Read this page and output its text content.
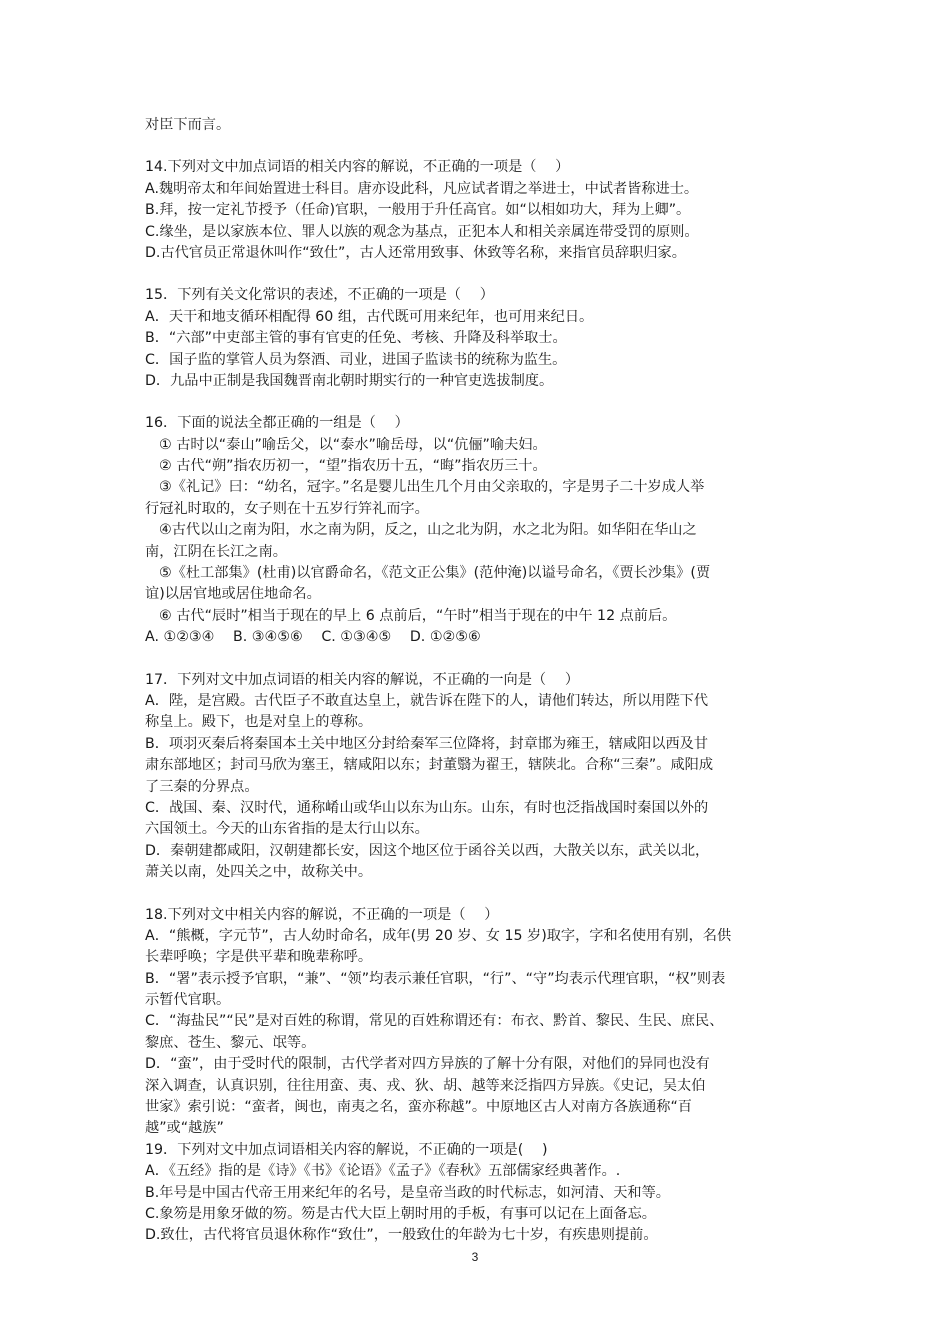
对臣下而言。
14.下列对文中加点词语的相关内容的解说，不正确的一项是（　 ）
A.魏明帝太和年间始置进士科目。唐亦设此科，凡应试者谓之举进士，中试者皆称进士。
B.拜，按一定礼节授予（任命)官职，一般用于升任高官。如“以相如功大，拜为上卿”。
C.缘坐，是以家族本位、罪人以族的观念为基点，正犯本人和相关亲属连带受罚的原则。
D.古代官员正常退休叫作“致仕”，古人还常用致事、休致等名称，来指官员辞职归家。
15．下列有关文化常识的表述，不正确的一项是（　 ）
A．天干和地支循环相配得 60 组，古代既可用来纪年，也可用来纪日。
B．“六部”中吏部主管的事有官吏的任免、考核、升降及科举取士。
C．国子监的掌管人员为祭酒、司业，进国子监读书的统称为监生。
D．九品中正制是我国魏晋南北朝时期实行的一种官吏选拔制度。
16．下面的说法全都正确的一组是（　 ）
① 古时以“泰山”喻岳父，以“泰水”喻岳母，以“伉俪”喻夫妇。
② 古代“朔”指农历初一，“望”指农历十五，“晦”指农历三十。
③《礼记》曰：“幼名，冠字。”名是婴儿出生几个月由父亲取的，字是男子二十岁成人举
行冠礼时取的，女子则在十五岁行笄礼而字。
④古代以山之南为阳，水之南为阴，反之，山之北为阴，水之北为阳。如华阳在华山之
南，江阴在长江之南。
⑤《杜工部集》(杜甫)以官爵命名，《范文正公集》(范仲淹)以谥号命名，《贾长沙集》(贾
谊)以居官地或居住地命名。
⑥ 古代“辰时”相当于现在的早上 6 点前后，“午时”相当于现在的中午 12 点前后。
A. ①②③④　 B. ③④⑤⑥　 C. ①③④⑤　 D. ①②⑤⑥
17．下列对文中加点词语的相关内容的解说，不正确的一向是（　 ）
A．陛，是宫殿。古代臣子不敢直达皇上，就告诉在陛下的人，请他们转达，所以用陛下代
称皇上。殿下，也是对皇上的尊称。
B．项羽灭秦后将秦国本土关中地区分封给秦军三位降将，封章邯为雍王，辖咸阳以西及甘
肃东部地区；封司马欣为塞王，辖咸阳以东；封董翳为翟王，辖陕北。合称“三秦”。咸阳成
了三秦的分界点。
C．战国、秦、汉时代，通称崤山或华山以东为山东。山东，有时也泛指战国时秦国以外的
六国领土。今天的山东省指的是太行山以东。
D．秦朝建都咸阳，汉朝建都长安，因这个地区位于函谷关以西，大散关以东，武关以北，
萧关以南，处四关之中，故称关中。
18.下列对文中相关内容的解说，不正确的一项是（　 ）
A．“熊概，字元节”，古人幼时命名，成年(男 20 岁、女 15 岁)取字，字和名使用有别，名供
长辈呼唤；字是供平辈和晚辈称呼。
B．“署”表示授予官职，“兼”、“领”均表示兼任官职，“行”、“守”均表示代理官职，“权”则表
示暂代官职。
C．“海盐民”“民”是对百姓的称谓，常见的百姓称谓还有：布衣、黔首、黎民、生民、庶民、
黎庶、苍生、黎元、氓等。
D．“蛮”，由于受时代的限制，古代学者对四方异族的了解十分有限，对他们的异同也没有
深入调查，认真识别，往往用蛮、夷、戎、狄、胡、越等来泛指四方异族。《史记，吴太伯
世家》索引说：“蛮者，闽也，南夷之名，蛮亦称越”。中原地区古人对南方各族通称“百
越”或“越族”
19．下列对文中加点词语相关内容的解说，不正确的一项是(　 )
A．《五经》指的是《诗》《书》《论语》《孟子》《春秋》五部儒家经典著作。.
B.年号是中国古代帝王用来纪年的名号，是皇帝当政的时代标志，如河清、天和等。
C.象笏是用象牙做的笏。笏是古代大臣上朝时用的手板，有事可以记在上面备忘。
D.致仕，古代将官员退休称作“致仕”，一般致仕的年龄为七十岁，有疾患则提前。
3
